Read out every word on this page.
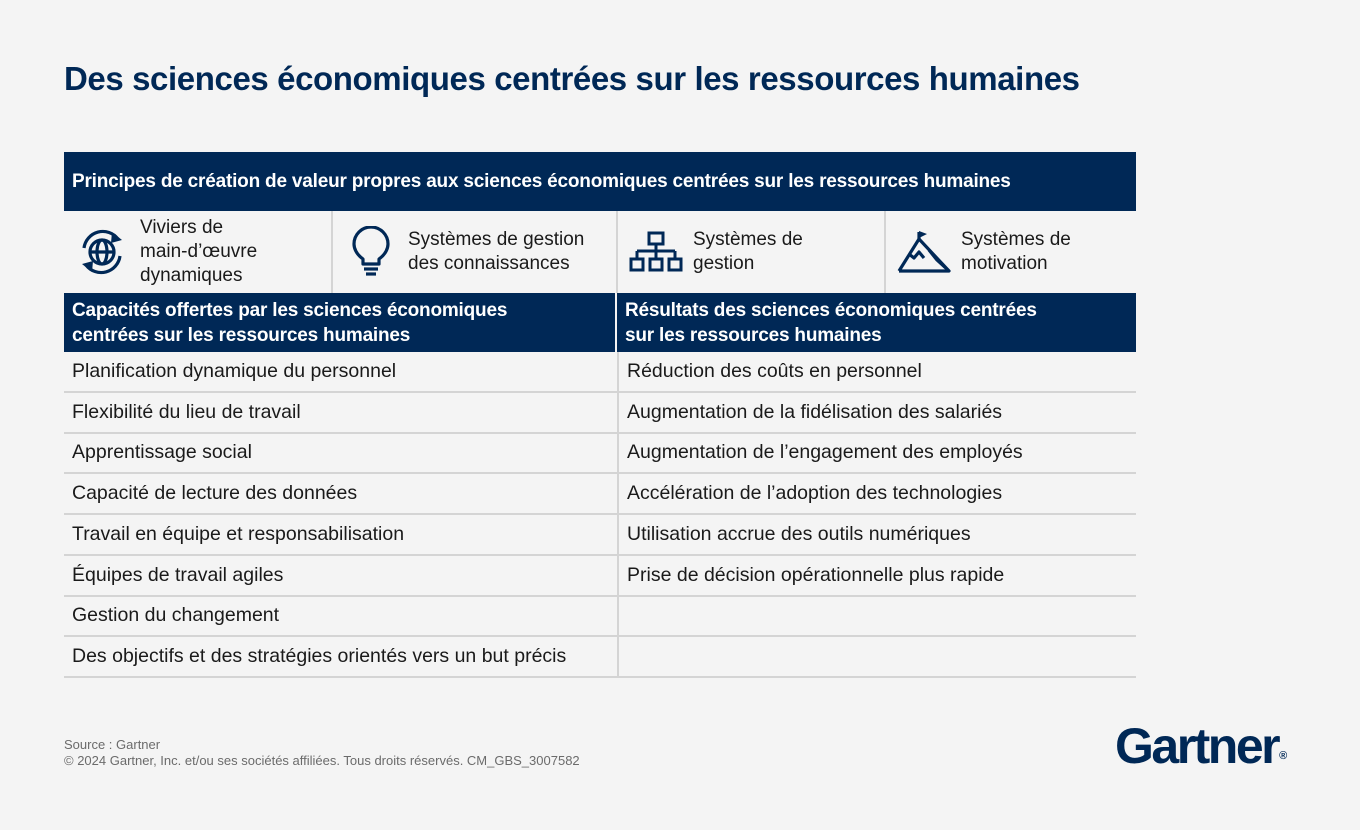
Des sciences économiques centrées sur les ressources humaines
Principes de création de valeur propres aux sciences économiques centrées sur les ressources humaines
Viviers de
main-d’œuvre
dynamiques
Systèmes de gestion
des connaissances
Systèmes de
gestion
Systèmes de
motivation
Capacités offertes par les sciences économiques
centrées sur les ressources humaines
Résultats des sciences économiques centrées
sur les ressources humaines
Planification dynamique du personnel
Flexibilité du lieu de travail
Apprentissage social
Capacité de lecture des données
Travail en équipe et responsabilisation
Équipes de travail agiles
Gestion du changement
Des objectifs et des stratégies orientés vers un but précis
Réduction des coûts en personnel
Augmentation de la fidélisation des salariés
Augmentation de l’engagement des employés
Accélération de l’adoption des technologies
Utilisation accrue des outils numériques
Prise de décision opérationnelle plus rapide
Source : Gartner
© 2024 Gartner, Inc. et/ou ses sociétés affiliées. Tous droits réservés. CM_GBS_3007582	Gartner®
